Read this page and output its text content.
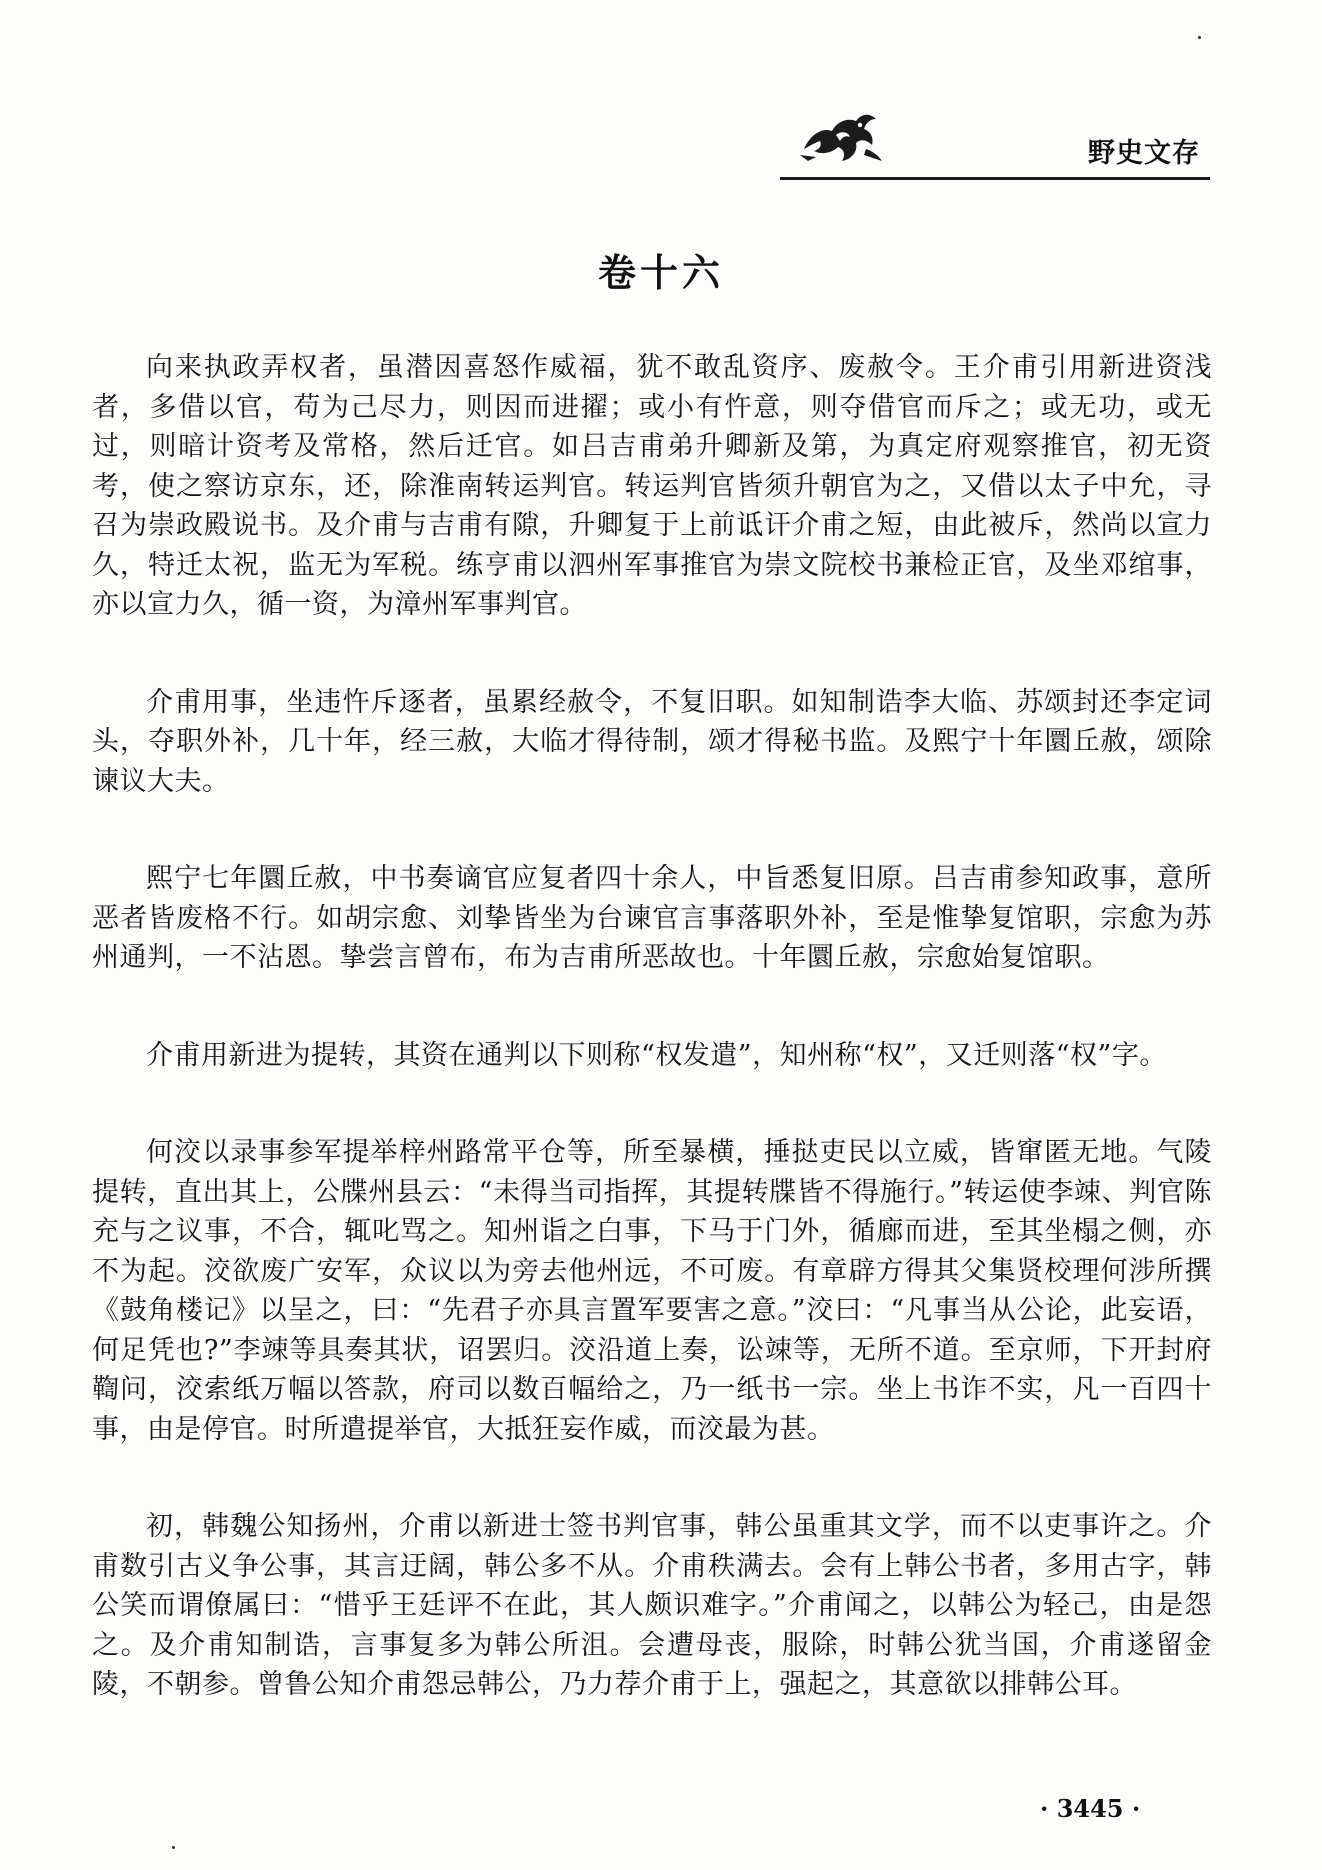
野史文存
卷十六

向来执政弄权者，虽潜因喜怒作威福，犹不敢乱资序、废赦令。王介甫引用新进资浅者，多借以官，苟为己尽力，则因而进擢；或小有忤意，则夺借官而斥之；或无功，或无过，则暗计资考及常格，然后迁官。如吕吉甫弟升卿新及第，为真定府观察推官，初无资考，使之察访京东，还，除淮南转运判官。转运判官皆须升朝官为之，又借以太子中允，寻召为崇政殿说书。及介甫与吉甫有隙，升卿复于上前诋讦介甫之短，由此被斥，然尚以宣力久，特迁太祝，监无为军税。练亨甫以泗州军事推官为崇文院校书兼检正官，及坐邓绾事，亦以宣力久，循一资，为漳州军事判官。

介甫用事，坐违忤斥逐者，虽累经赦令，不复旧职。如知制诰李大临、苏颂封还李定词头，夺职外补，几十年，经三赦，大临才得待制，颂才得秘书监。及熙宁十年圜丘赦，颂除谏议大夫。

熙宁七年圜丘赦，中书奏谪官应复者四十余人，中旨悉复旧原。吕吉甫参知政事，意所恶者皆废格不行。如胡宗愈、刘挚皆坐为台谏官言事落职外补，至是惟挚复馆职，宗愈为苏州通判，一不沾恩。挚尝言曾布，布为吉甫所恶故也。十年圜丘赦，宗愈始复馆职。

介甫用新进为提转，其资在通判以下则称“权发遣”，知州称“权”，又迁则落“权”字。

何洨以录事参军提举梓州路常平仓等，所至暴横，捶挞吏民以立威，皆窜匿无地。气陵提转，直出其上，公牒州县云：“未得当司指挥，其提转牒皆不得施行。”转运使李竦、判官陈充与之议事，不合，辄叱骂之。知州诣之白事，下马于门外，循廊而进，至其坐榻之侧，亦不为起。洨欲废广安军，众议以为旁去他州远，不可废。有章辟方得其父集贤校理何涉所撰《鼓角楼记》以呈之，曰：“先君子亦具言置军要害之意。”洨曰：“凡事当从公论，此妄语，何足凭也?”李竦等具奏其状，诏罢归。洨沿道上奏，讼竦等，无所不道。至京师，下开封府鞫问，洨索纸万幅以答款，府司以数百幅给之，乃一纸书一宗。坐上书诈不实，凡一百四十事，由是停官。时所遣提举官，大抵狂妄作威，而洨最为甚。

初，韩魏公知扬州，介甫以新进士签书判官事，韩公虽重其文学，而不以吏事许之。介甫数引古义争公事，其言迂阔，韩公多不从。介甫秩满去。会有上韩公书者，多用古字，韩公笑而谓僚属曰：“惜乎王廷评不在此，其人颇识难字。”介甫闻之，以韩公为轻己，由是怨之。及介甫知制诰，言事复多为韩公所沮。会遭母丧，服除，时韩公犹当国，介甫遂留金陵，不朝参。曾鲁公知介甫怨忌韩公，乃力荐介甫于上，强起之，其意欲以排韩公耳。

· 3445 ·
